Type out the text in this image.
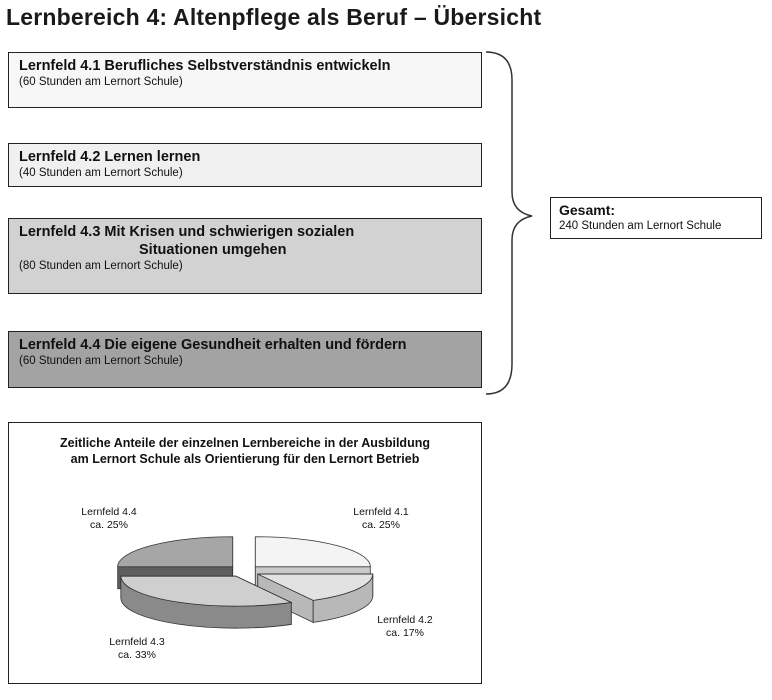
Lernbereich 4: Altenpflege als Beruf – Übersicht
Lernfeld 4.1 Berufliches Selbstverständnis entwickeln
(60 Stunden am Lernort Schule)
Lernfeld 4.2 Lernen lernen
(40 Stunden am Lernort Schule)
Lernfeld 4.3 Mit Krisen und schwierigen sozialen
Situationen umgehen
(80 Stunden am Lernort Schule)
Lernfeld 4.4 Die eigene Gesundheit erhalten und fördern
(60 Stunden am Lernort Schule)
Gesamt:
240 Stunden am Lernort Schule
Zeitliche Anteile der einzelnen Lernbereiche in der Ausbildung
am Lernort Schule als Orientierung für den Lernort Betrieb
Lernfeld 4.1
ca. 25%
Lernfeld 4.2
ca. 17%
Lernfeld 4.3
ca. 33%
Lernfeld 4.4
ca. 25%
